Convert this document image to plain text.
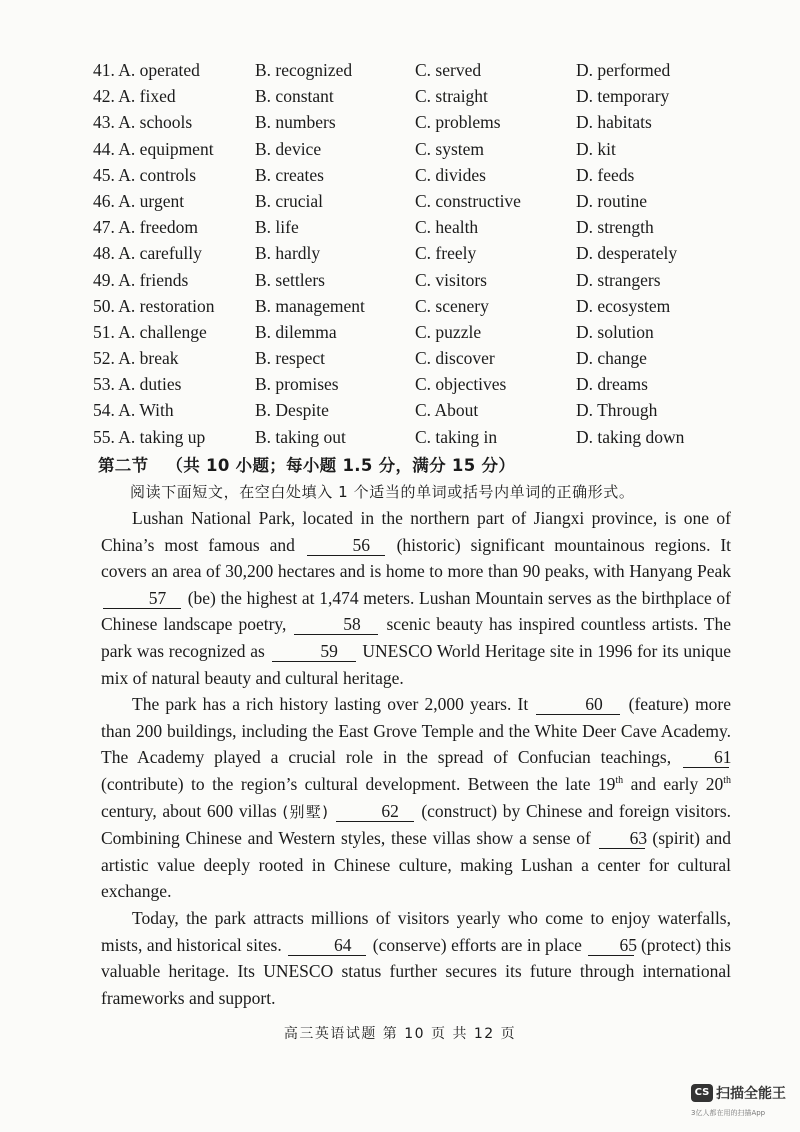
41. A. operated	B. recognized	C. served	D. performed
42. A. fixed	B. constant	C. straight	D. temporary
43. A. schools	B. numbers	C. problems	D. habitats
44. A. equipment B. device	C. system	D. kit
45. A. controls	B. creates	C. divides	D. feeds
46. A. urgent	B. crucial	C. constructive	D. routine
47. A. freedom	B. life	C. health	D. strength
48. A. carefully	B. hardly	C. freely	D. desperately
49. A. friends	B. settlers	C. visitors	D. strangers
50. A. restoration B. management	C. scenery	D. ecosystem
51. A. challenge	B. dilemma	C. puzzle	D. solution
52. A. break	B. respect	C. discover	D. change
53. A. duties	B. promises	C. objectives	D. dreams
54. A. With	B. Despite	C. About	D. Through
55. A. taking up	B. taking out	C. taking in	D. taking down
第二节 （共 10 小题；每小题 1.5 分，满分 15 分）
阅读下面短文，在空白处填入 1 个适当的单词或括号内单词的正确形式。

Lushan National Park, located in the northern part of Jiangxi province, is one of China’s most famous and	56 (historic) significant mountainous regions. It covers an area of 30,200 hectares and is home to more than 90 peaks, with Hanyang Peak 57 (be) the highest at 1,474 meters. Lushan Mountain serves as the birthplace of Chinese landscape poetry,	58 scenic beauty has inspired countless artists. The park was recognized as	59 UNESCO World Heritage site in 1996 for its unique mix of natural beauty and cultural heritage.

The park has a rich history lasting over 2,000 years. It	60 (feature) more than 200 buildings, including the East Grove Temple and the White Deer Cave Academy. The Academy played a crucial role in the spread of Confucian teachings, 61 (contribute) to the region’s cultural development. Between the late 19th and early 20th century, about 600 villas (别墅)	62 (construct) by Chinese and foreign visitors. Combining Chinese and Western styles, these villas show a sense of 63 (spirit) and artistic value deeply rooted in Chinese culture, making Lushan a center for cultural exchange.

Today, the park attracts millions of visitors yearly who come to enjoy waterfalls, mists, and historical sites.	64 (conserve) efforts are in place 65 (protect) this valuable heritage. Its UNESCO status further secures its future through international frameworks and support.

高三英语试题 第 10 页 共 12 页
CS 扫描全能王
3亿人都在用的扫描App
